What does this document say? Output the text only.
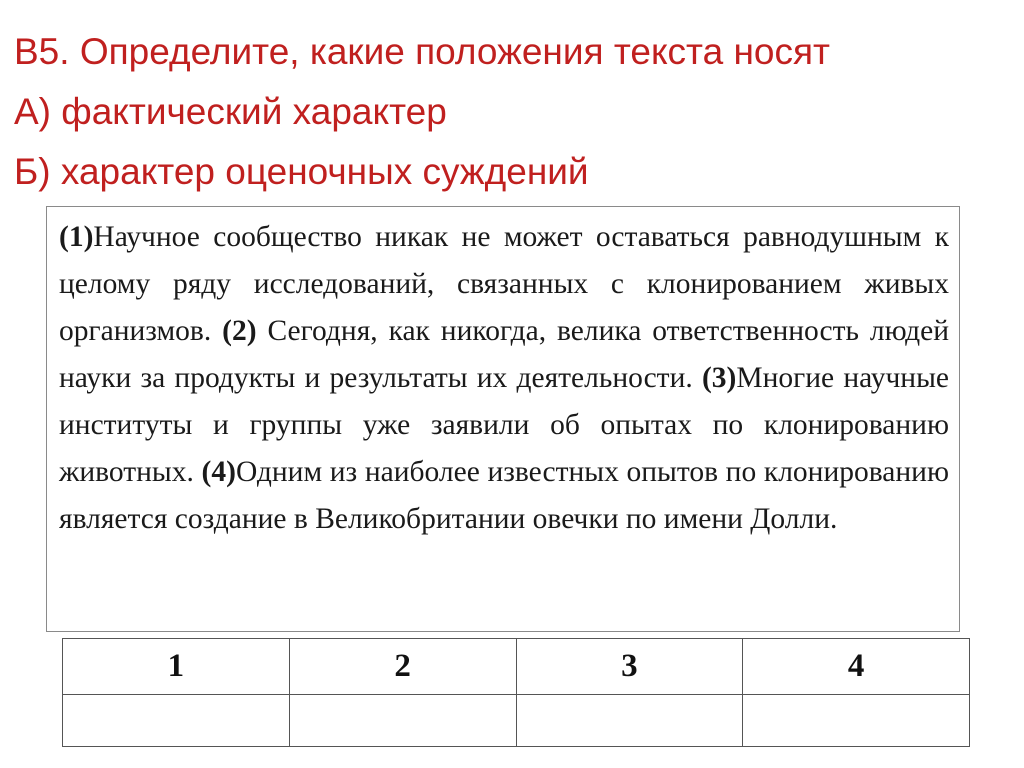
В5. Определите, какие положения текста носят
А) фактический характер
Б) характер оценочных суждений

(1)Научное сообщество никак не может оставаться равнодушным к целому ряду исследований, связанных с клонированием живых организмов. (2) Сегодня, как никогда, велика ответственность людей науки за продукты и результаты их деятельности. (3)Многие научные институты и группы уже заявили об опытах по клонированию животных. (4)Одним из наиболее известных опытов по клонированию является создание в Великобритании овечки по имени Долли.

1	2	3	4
